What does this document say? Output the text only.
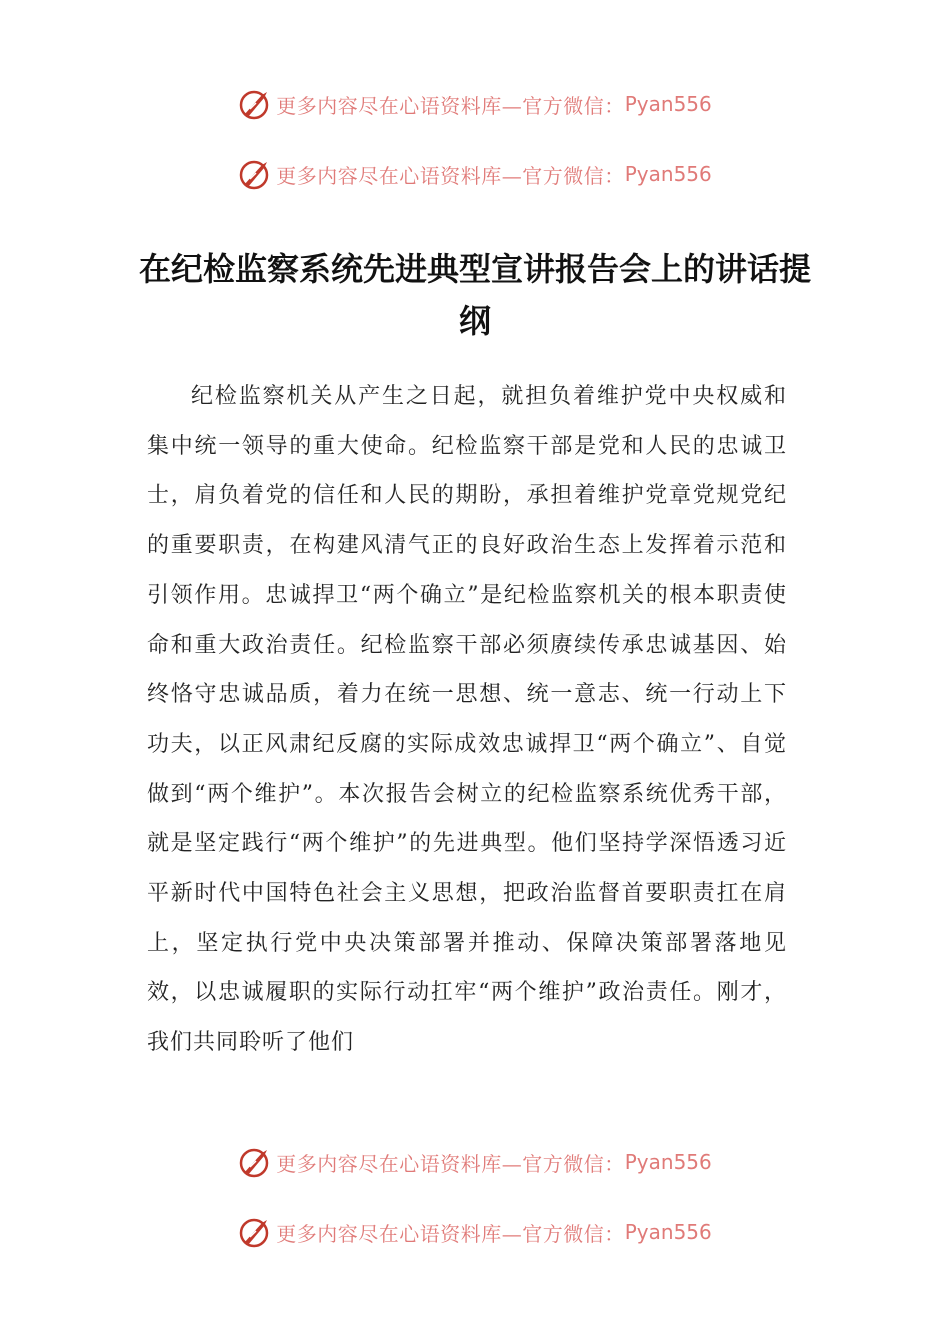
更多内容尽在心语资料库—官方微信： Pyan556
更多内容尽在心语资料库—官方微信： Pyan556
在纪检监察系统先进典型宣讲报告会上的讲话提纲

纪检监察机关从产生之日起，就担负着维护党中央权威和集中统一领导的重大使命。纪检监察干部是党和人民的忠诚卫士，肩负着党的信任和人民的期盼，承担着维护党章党规党纪的重要职责，在构建风清气正的良好政治生态上发挥着示范和引领作用。忠诚捍卫“两个确立”是纪检监察机关的根本职责使命和重大政治责任。纪检监察干部必须赓续传承忠诚基因、始终恪守忠诚品质，着力在统一思想、统一意志、统一行动上下功夫，以正风肃纪反腐的实际成效忠诚捍卫“两个确立”、自觉做到“两个维护”。本次报告会树立的纪检监察系统优秀干部，就是坚定践行“两个维护”的先进典型。他们坚持学深悟透习近平新时代中国特色社会主义思想，把政治监督首要职责扛在肩上，坚定执行党中央决策部署并推动、保障决策部署落地见效，以忠诚履职的实际行动扛牢“两个维护”政治责任。刚才，我们共同聆听了他们

更多内容尽在心语资料库—官方微信： Pyan556
更多内容尽在心语资料库—官方微信： Pyan556
